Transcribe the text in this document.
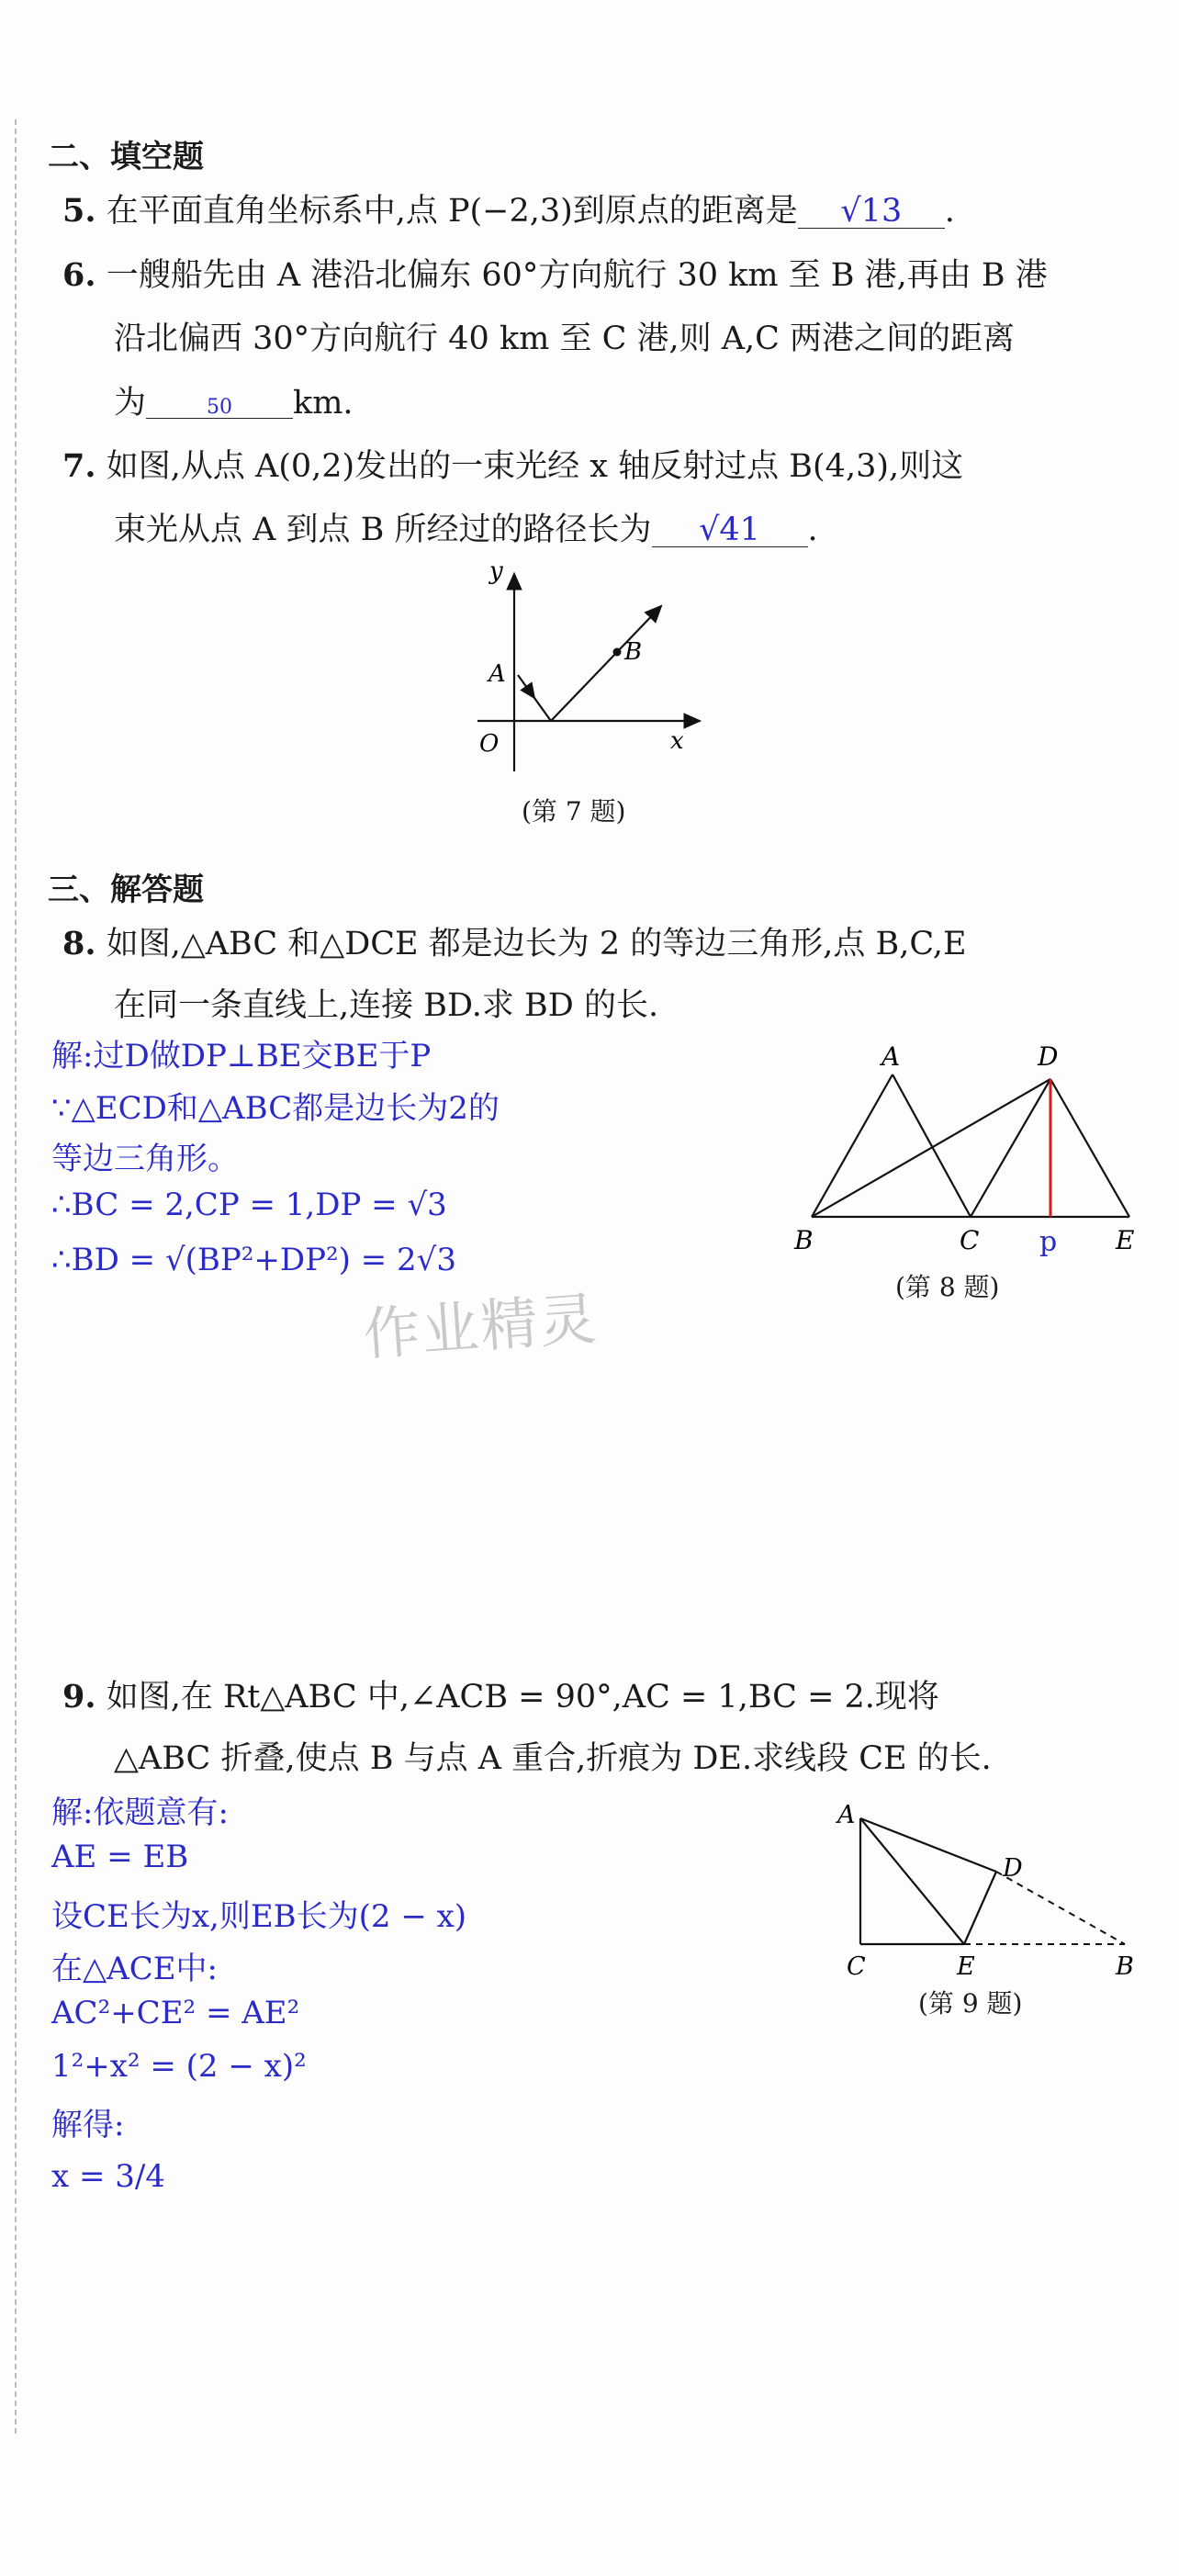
二、填空题
5. 在平面直角坐标系中,点 P(−2,3)到原点的距离是 √13 .
6. 一艘船先由 A 港沿北偏东 60°方向航行 30 km 至 B 港,再由 B 港
沿北偏西 30°方向航行 40 km 至 C 港,则 A,C 两港之间的距离
为	50 km.
7. 如图,从点 A(0,2)发出的一束光经 x 轴反射过点 B(4,3),则这
束光从点 A 到点 B 所经过的路径长为 √41 .
y
x
O
A
B
(第 7 题)
三、解答题
8. 如图,△ABC 和△DCE 都是边长为 2 的等边三角形,点 B,C,E
在同一条直线上,连接 BD.求 BD 的长.
解:过D做DP⊥BE交BE于P
∵△ECD和△ABC都是边长为2的
等边三角形。
∴BC = 2,CP = 1,DP = √3
∴BD = √(BP²+DP²) = 2√3
A	D
B	C p E
(第 8 题)
作业精灵
9. 如图,在 Rt△ABC 中,∠ACB = 90°,AC = 1,BC = 2.现将
△ABC 折叠,使点 B 与点 A 重合,折痕为 DE.求线段 CE 的长.
解:依题意有:
AE = EB
设CE长为x,则EB长为(2 − x)
在△ACE中:
AC²+CE² = AE²
1²+x² = (2 − x)²
解得:
x = 3/4
A
D
C	E	B
(第 9 题)
